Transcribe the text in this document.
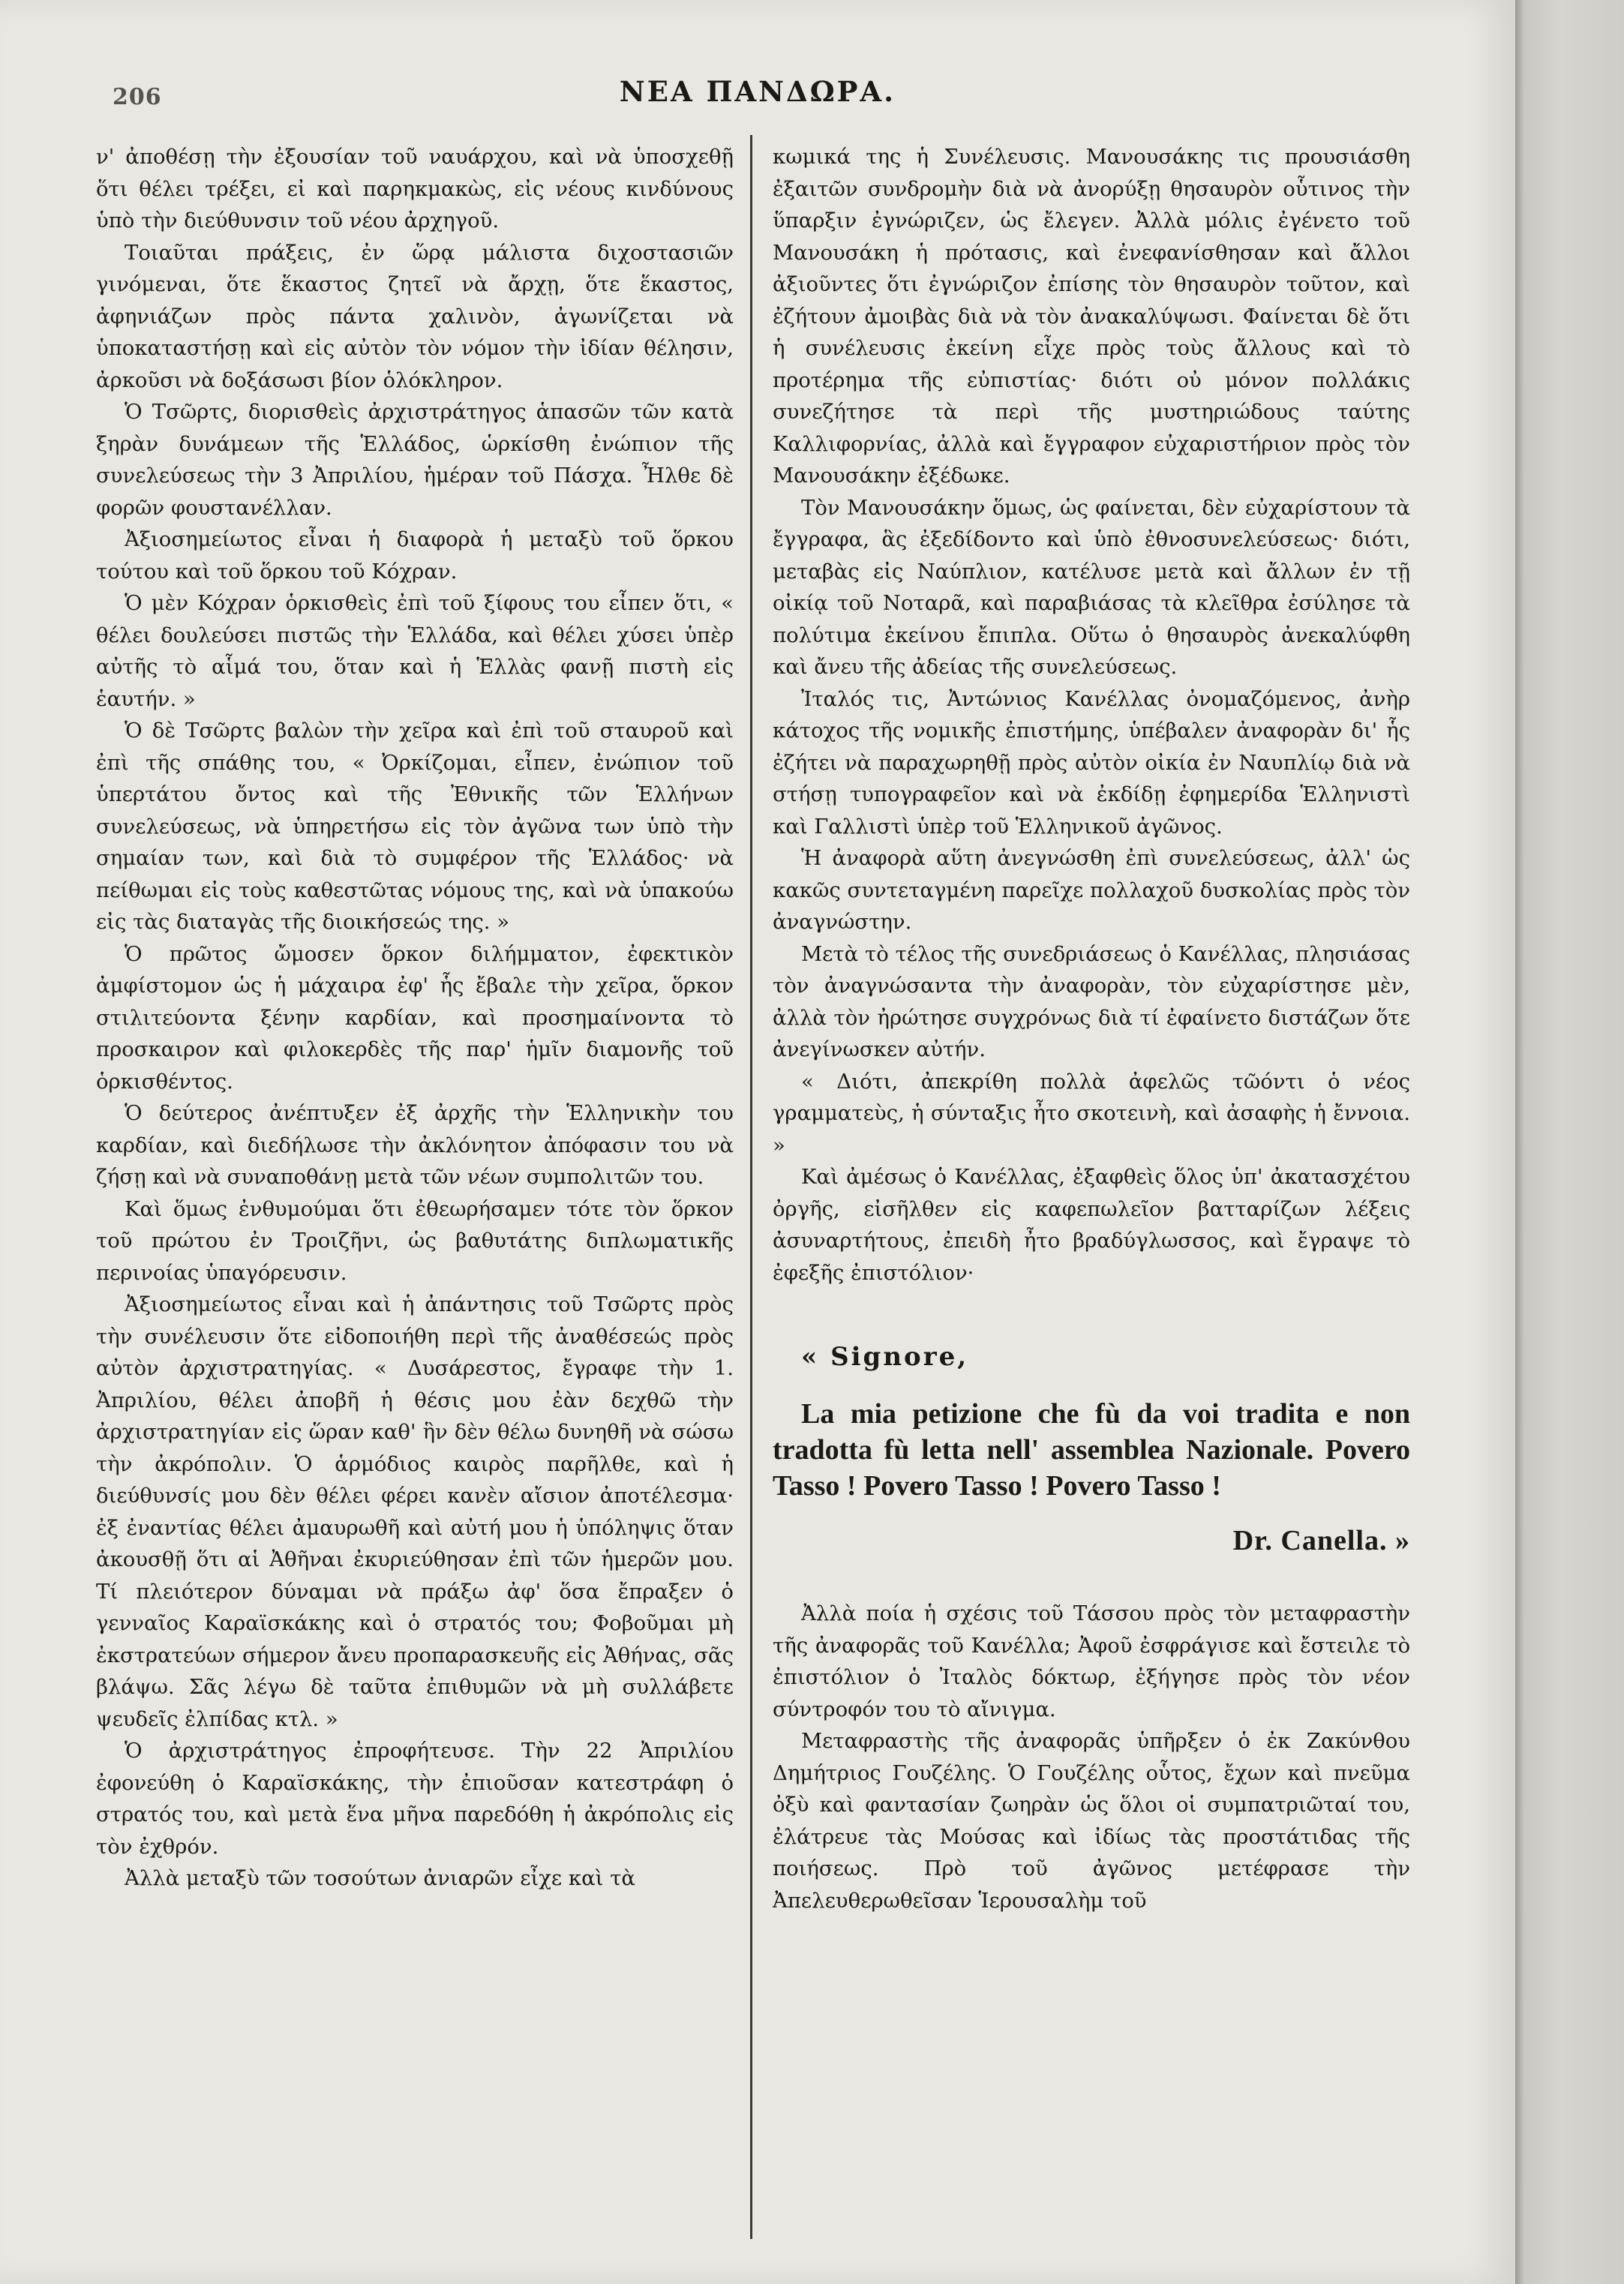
206	ΝΕΑ ΠΑΝΔΩΡΑ.

ν' ἀποθέσῃ τὴν ἐξουσίαν τοῦ ναυάρχου, καὶ νὰ ὑποσχεθῇ ὅτι θέλει τρέξει, εἰ καὶ παρηκμακὼς, εἰς νέους κινδύνους ὑπὸ τὴν διεύθυνσιν τοῦ νέου ἀρχηγοῦ.

Τοιαῦται πράξεις, ἐν ὥρᾳ μάλιστα διχοστασιῶν γινόμεναι, ὅτε ἕκαστος ζητεῖ νὰ ἄρχῃ, ὅτε ἕκαστος, ἀφηνιάζων πρὸς πάντα χαλινὸν, ἀγωνίζεται νὰ ὑποκαταστήσῃ καὶ εἰς αὐτὸν τὸν νόμον τὴν ἰδίαν θέλησιν, ἀρκοῦσι νὰ δοξάσωσι βίον ὁλόκληρον.

Ὁ Τσῶρτς, διορισθεὶς ἀρχιστράτηγος ἁπασῶν τῶν κατὰ ξηρὰν δυνάμεων τῆς Ἑλλάδος, ὡρκίσθη ἐνώπιον τῆς συνελεύσεως τὴν 3 Ἀπριλίου, ἡμέραν τοῦ Πάσχα. Ἦλθε δὲ φορῶν φουστανέλλαν.

Ἀξιοσημείωτος εἶναι ἡ διαφορὰ ἡ μεταξὺ τοῦ ὅρκου τούτου καὶ τοῦ ὅρκου τοῦ Κόχραν.

Ὁ μὲν Κόχραν ὁρκισθεὶς ἐπὶ τοῦ ξίφους του εἶπεν ὅτι, « θέλει δουλεύσει πιστῶς τὴν Ἑλλάδα, καὶ θέλει χύσει ὑπὲρ αὐτῆς τὸ αἷμά του, ὅταν καὶ ἡ Ἑλλὰς φανῇ πιστὴ εἰς ἑαυτήν. »

Ὁ δὲ Τσῶρτς βαλὼν τὴν χεῖρα καὶ ἐπὶ τοῦ σταυροῦ καὶ ἐπὶ τῆς σπάθης του, « Ὀρκίζομαι, εἶπεν, ἐνώπιον τοῦ ὑπερτάτου ὄντος καὶ τῆς Ἐθνικῆς τῶν Ἑλλήνων συνελεύσεως, νὰ ὑπηρετήσω εἰς τὸν ἀγῶνα των ὑπὸ τὴν σημαίαν των, καὶ διὰ τὸ συμφέρον τῆς Ἑλλάδος· νὰ πείθωμαι εἰς τοὺς καθεστῶτας νόμους της, καὶ νὰ ὑπακούω εἰς τὰς διαταγὰς τῆς διοικήσεώς της. »

Ὁ πρῶτος ὤμοσεν ὅρκον διλήμματον, ἐφεκτικὸν ἀμφίστομον ὡς ἡ μάχαιρα ἐφ' ἧς ἔβαλε τὴν χεῖρα, ὅρκον στιλιτεύοντα ξένην καρδίαν, καὶ προσημαίνοντα τὸ προσκαιρον καὶ φιλοκερδὲς τῆς παρ' ἡμῖν διαμονῆς τοῦ ὁρκισθέντος.

Ὁ δεύτερος ἀνέπτυξεν ἐξ ἀρχῆς τὴν Ἑλληνικὴν του καρδίαν, καὶ διεδήλωσε τὴν ἀκλόνητον ἀπόφασιν του νὰ ζήσῃ καὶ νὰ συναποθάνῃ μετὰ τῶν νέων συμπολιτῶν του.

Καὶ ὅμως ἐνθυμούμαι ὅτι ἐθεωρήσαμεν τότε τὸν ὅρκον τοῦ πρώτου ἐν Τροιζῆνι, ὡς βαθυτάτης διπλωματικῆς περινοίας ὑπαγόρευσιν.

Ἀξιοσημείωτος εἶναι καὶ ἡ ἀπάντησις τοῦ Τσῶρτς πρὸς τὴν συνέλευσιν ὅτε εἰδοποιήθη περὶ τῆς ἀναθέσεώς πρὸς αὐτὸν ἀρχιστρατηγίας. « Δυσάρεστος, ἔγραφε τὴν 1. Ἀπριλίου, θέλει ἀποβῆ ἡ θέσις μου ἐὰν δεχθῶ τὴν ἀρχιστρατηγίαν εἰς ὥραν καθ' ἣν δὲν θέλω δυνηθῆ νὰ σώσω τὴν ἀκρόπολιν. Ὁ ἁρμόδιος καιρὸς παρῆλθε, καὶ ἡ διεύθυνσίς μου δὲν θέλει φέρει κανὲν αἴσιον ἀποτέλεσμα· ἐξ ἐναντίας θέλει ἀμαυρωθῆ καὶ αὐτή μου ἡ ὑπόληψις ὅταν ἀκουσθῇ ὅτι αἱ Ἀθῆναι ἐκυριεύθησαν ἐπὶ τῶν ἡμερῶν μου. Τί πλειότερον δύναμαι νὰ πράξω ἀφ' ὅσα ἔπραξεν ὁ γενναῖος Καραϊσκάκης καὶ ὁ στρατός του; Φοβοῦμαι μὴ ἐκστρατεύων σήμερον ἄνευ προπαρασκευῆς εἰς Ἀθήνας, σᾶς βλάψω. Σᾶς λέγω δὲ ταῦτα ἐπιθυμῶν νὰ μὴ συλλάβετε ψευδεῖς ἐλπίδας κτλ. »

Ὁ ἀρχιστράτηγος ἐπροφήτευσε. Τὴν 22 Ἀπριλίου ἐφονεύθη ὁ Καραϊσκάκης, τὴν ἐπιοῦσαν κατεστράφη ὁ στρατός του, καὶ μετὰ ἕνα μῆνα παρεδόθη ἡ ἀκρόπολις εἰς τὸν ἐχθρόν.

Ἀλλὰ μεταξὺ τῶν τοσούτων ἀνιαρῶν εἶχε καὶ τὰ

κωμικά της ἡ Συνέλευσις. Μανουσάκης τις προυσιάσθη ἐξαιτῶν συνδρομὴν διὰ νὰ ἀνορύξῃ θησαυρὸν οὗτινος τὴν ὕπαρξιν ἐγνώριζεν, ὡς ἔλεγεν. Ἀλλὰ μόλις ἐγένετο τοῦ Μανουσάκη ἡ πρότασις, καὶ ἐνεφανίσθησαν καὶ ἄλλοι ἀξιοῦντες ὅτι ἐγνώριζον ἐπίσης τὸν θησαυρὸν τοῦτον, καὶ ἐζήτουν ἀμοιβὰς διὰ νὰ τὸν ἀνακαλύψωσι. Φαίνεται δὲ ὅτι ἡ συνέλευσις ἐκείνη εἶχε πρὸς τοὺς ἄλλους καὶ τὸ προτέρημα τῆς εὐπιστίας· διότι οὐ μόνον πολλάκις συνεζήτησε τὰ περὶ τῆς μυστηριώδους ταύτης Καλλιφορνίας, ἀλλὰ καὶ ἔγγραφον εὐχαριστήριον πρὸς τὸν Μανουσάκην ἐξέδωκε.

Τὸν Μανουσάκην ὅμως, ὡς φαίνεται, δὲν εὐχαρίστουν τὰ ἔγγραφα, ἃς ἐξεδίδοντο καὶ ὑπὸ ἐθνοσυνελεύσεως· διότι, μεταβὰς εἰς Ναύπλιον, κατέλυσε μετὰ καὶ ἄλλων ἐν τῇ οἰκίᾳ τοῦ Νοταρᾶ, καὶ παραβιάσας τὰ κλεῖθρα ἐσύλησε τὰ πολύτιμα ἐκείνου ἔπιπλα. Οὕτω ὁ θησαυρὸς ἀνεκαλύφθη καὶ ἄνευ τῆς ἀδείας τῆς συνελεύσεως.

Ἰταλός τις, Ἀντώνιος Κανέλλας ὀνομαζόμενος, ἀνὴρ κάτοχος τῆς νομικῆς ἐπιστήμης, ὑπέβαλεν ἀναφορὰν δι' ἧς ἐζήτει νὰ παραχωρηθῇ πρὸς αὐτὸν οἰκία ἐν Ναυπλίῳ διὰ νὰ στήσῃ τυπογραφεῖον καὶ νὰ ἐκδίδῃ ἐφημερίδα Ἑλληνιστὶ καὶ Γαλλιστὶ ὑπὲρ τοῦ Ἑλληνικοῦ ἀγῶνος.

Ἡ ἀναφορὰ αὕτη ἀνεγνώσθη ἐπὶ συνελεύσεως, ἀλλ' ὡς κακῶς συντεταγμένη παρεῖχε πολλαχοῦ δυσκολίας πρὸς τὸν ἀναγνώστην.

Μετὰ τὸ τέλος τῆς συνεδριάσεως ὁ Κανέλλας, πλησιάσας τὸν ἀναγνώσαντα τὴν ἀναφορὰν, τὸν εὐχαρίστησε μὲν, ἀλλὰ τὸν ἠρώτησε συγχρόνως διὰ τί ἐφαίνετο διστάζων ὅτε ἀνεγίνωσκεν αὐτήν.

« Διότι, ἀπεκρίθη πολλὰ ἀφελῶς τῶόντι ὁ νέος γραμματεὺς, ἡ σύνταξις ἦτο σκοτεινὴ, καὶ ἀσαφὴς ἡ ἔννοια. »

Καὶ ἀμέσως ὁ Κανέλλας, ἐξαφθεὶς ὅλος ὑπ' ἀκατασχέτου ὀργῆς, εἰσῆλθεν εἰς καφεπωλεῖον βατταρίζων λέξεις ἀσυναρτήτους, ἐπειδὴ ἦτο βραδύγλωσσος, καὶ ἔγραψε τὸ ἐφεξῆς ἐπιστόλιον·

« Signore,

La mia petizione che fù da voi tradita e non tradotta fù letta nell' assemblea Nazionale. Povero Tasso ! Povero Tasso ! Povero Tasso !

Dr. Canella. »

Ἀλλὰ ποία ἡ σχέσις τοῦ Τάσσου πρὸς τὸν μεταφραστὴν τῆς ἀναφορᾶς τοῦ Κανέλλα; Ἀφοῦ ἐσφράγισε καὶ ἔστειλε τὸ ἐπιστόλιον ὁ Ἰταλὸς δόκτωρ, ἐξήγησε πρὸς τὸν νέον σύντροφόν του τὸ αἴνιγμα.

Μεταφραστὴς τῆς ἀναφορᾶς ὑπῆρξεν ὁ ἐκ Ζακύνθου Δημήτριος Γουζέλης. Ὁ Γουζέλης οὗτος, ἔχων καὶ πνεῦμα ὀξὺ καὶ φαντασίαν ζωηρὰν ὡς ὅλοι οἱ συμπατριῶταί του, ἐλάτρευε τὰς Μούσας καὶ ἰδίως τὰς προστάτιδας τῆς ποιήσεως. Πρὸ τοῦ ἀγῶνος μετέφρασε τὴν Ἀπελευθερωθεῖσαν Ἱερουσαλὴμ τοῦ
